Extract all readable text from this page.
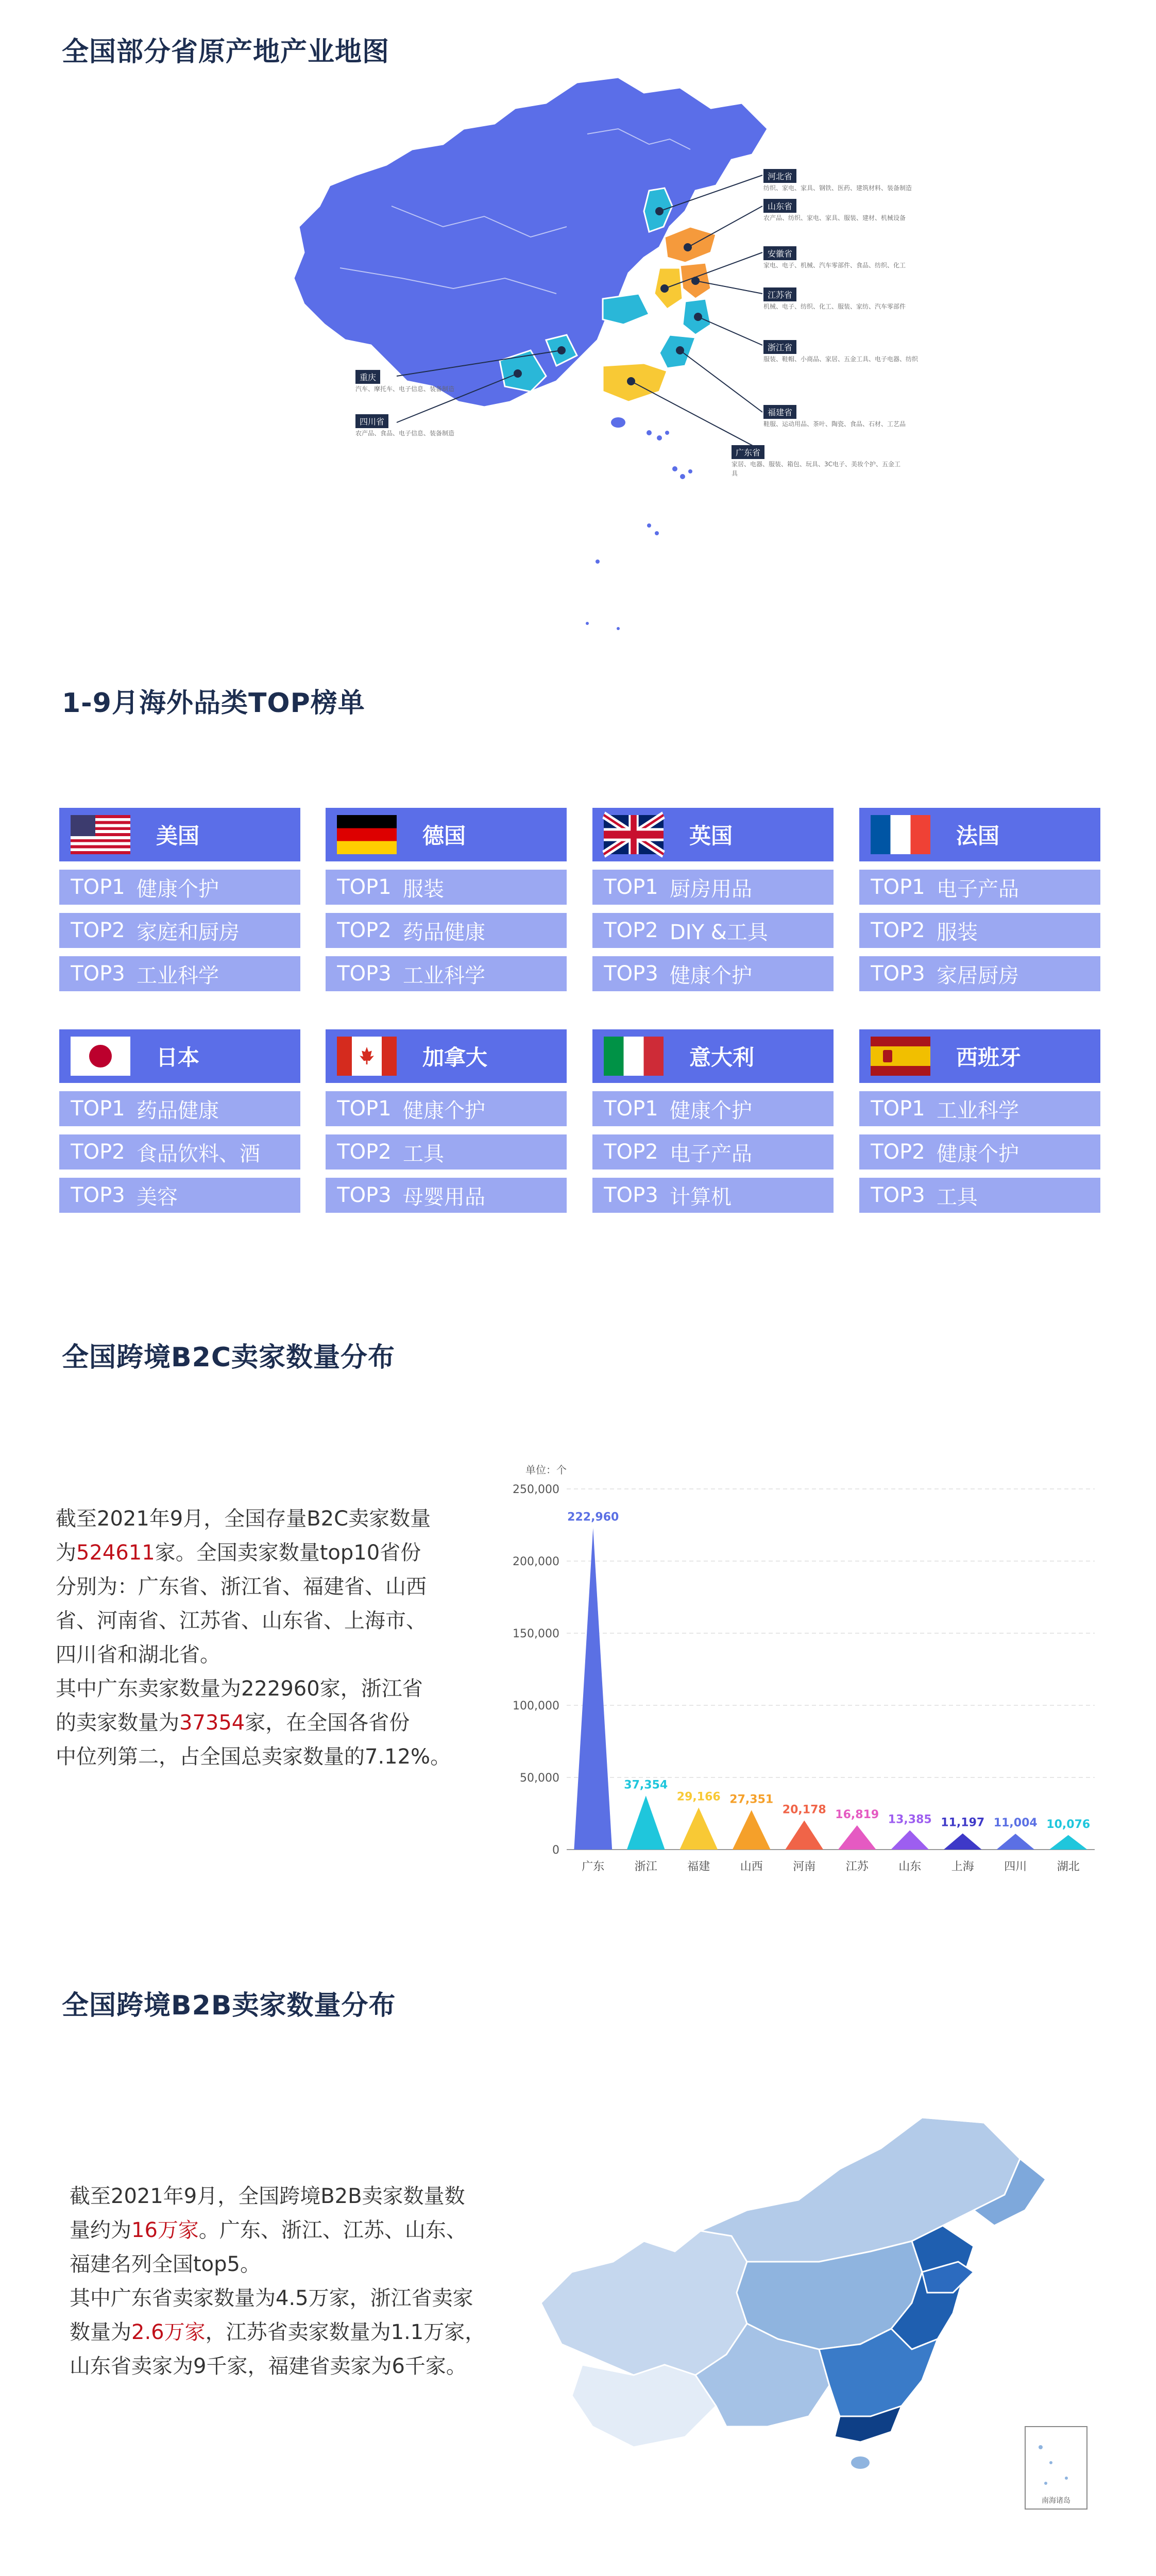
全国部分省原产地产业地图
河北省
纺织、家电、家具、钢铁、医药、建筑材料、装备制造
山东省
农产品、纺织、家电、家具、服装、建材、机械设备
安徽省
家电、电子、机械、汽车零部件、食品、纺织、化工
江苏省
机械、电子、纺织、化工、服装、家纺、汽车零部件
浙江省
服装、鞋帽、小商品、家居、五金工具、电子电器、纺织
福建省
鞋服、运动用品、茶叶、陶瓷、食品、石材、工艺品
广东省
家居、电器、服装、箱包、玩具、3C电子、美妆个护、五金工具
重庆
汽车、摩托车、电子信息、装备制造
四川省
农产品、食品、电子信息、装备制造
1-9月海外品类TOP榜单
美国
TOP1 健康个护
TOP2 家庭和厨房
TOP3 工业科学
德国
TOP1 服装
TOP2 药品健康
TOP3 工业科学
英国
TOP1 厨房用品
TOP2 DIY &工具
TOP3 健康个护
法国
TOP1 电子产品
TOP2 服装
TOP3 家居厨房
日本
TOP1 药品健康
TOP2 食品饮料、酒
TOP3 美容
加拿大
TOP1 健康个护
TOP2 工具
TOP3 母婴用品
意大利
TOP1 健康个护
TOP2 电子产品
TOP3 计算机
西班牙
TOP1 工业科学
TOP2 健康个护
TOP3 工具
全国跨境B2C卖家数量分布
截至2021年9月，全国存量B2C卖家数量
为524611家。全国卖家数量top10省份
分别为：广东省、浙江省、福建省、山西
省、河南省、江苏省、山东省、上海市、
四川省和湖北省。
其中广东卖家数量为222960家，浙江省
的卖家数量为37354家，在全国各省份
中位列第二，占全国总卖家数量的7.12%。
单位：个
0
50,000
100,000
150,000
200,000
250,000
广东
222,960
浙江
37,354
福建
29,166
山西
27,351
河南
20,178
江苏
16,819
山东
13,385
上海
11,197
四川
11,004
湖北
10,076
全国跨境B2B卖家数量分布
截至2021年9月，全国跨境B2B卖家数量数
量约为16万家。广东、浙江、江苏、山东、
福建名列全国top5。
其中广东省卖家数量为4.5万家，浙江省卖家
数量为2.6万家，江苏省卖家数量为1.1万家，
山东省卖家为9千家，福建省卖家为6千家。
南海诸岛
